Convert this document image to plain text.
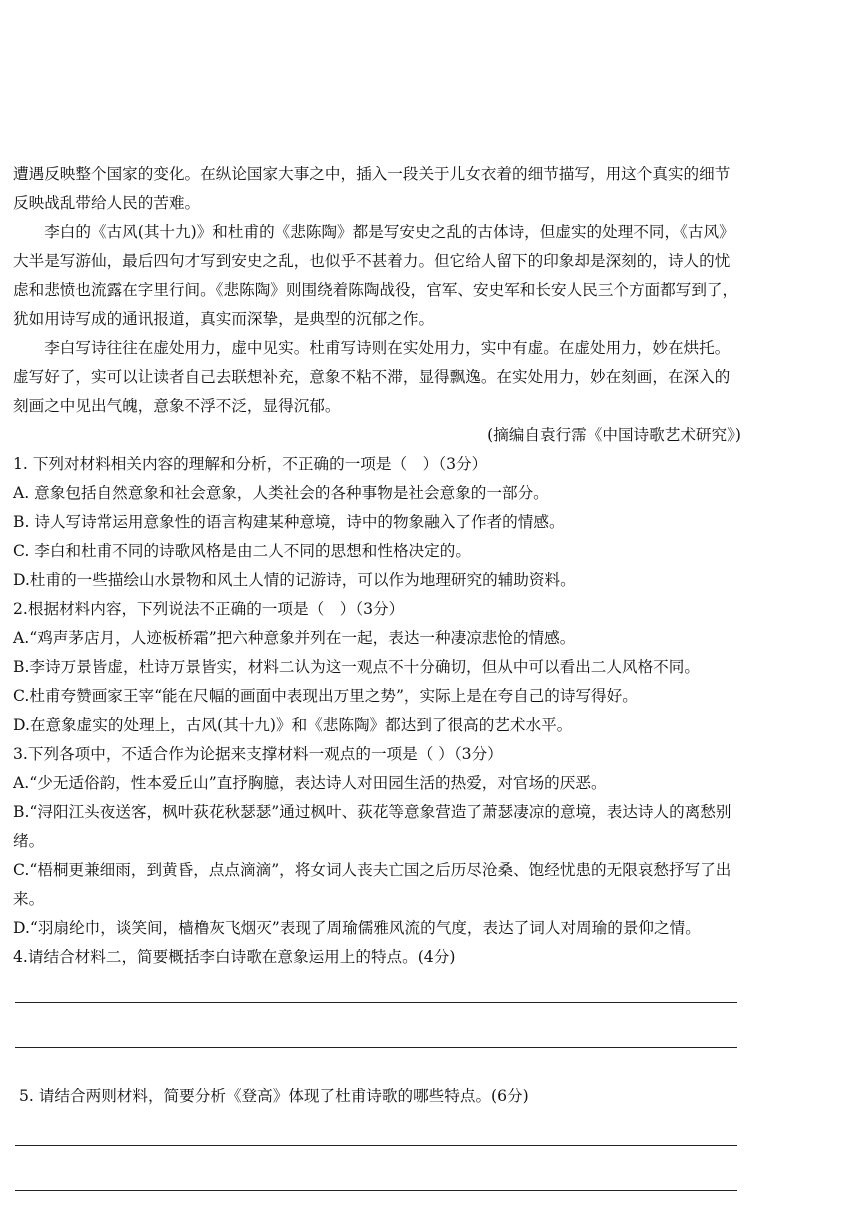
遭遇反映整个国家的变化。在纵论国家大事之中，插入一段关于儿女衣着的细节描写，用这个真实的细节反映战乱带给人民的苦难。

李白的《古风(其十九)》和杜甫的《悲陈陶》都是写安史之乱的古体诗，但虚实的处理不同，《古风》大半是写游仙，最后四句才写到安史之乱，也似乎不甚着力。但它给人留下的印象却是深刻的，诗人的忧虑和悲愤也流露在字里行间。《悲陈陶》则围绕着陈陶战役，官军、安史军和长安人民三个方面都写到了，犹如用诗写成的通讯报道，真实而深挚，是典型的沉郁之作。

李白写诗往往在虚处用力，虚中见实。杜甫写诗则在实处用力，实中有虚。在虚处用力，妙在烘托。虚写好了，实可以让读者自己去联想补充，意象不粘不滞，显得飘逸。在实处用力，妙在刻画，在深入的刻画之中见出气魄，意象不浮不泛，显得沉郁。

(摘编自袁行霈《中国诗歌艺术研究》)

1. 下列对材料相关内容的理解和分析，不正确的一项是（　）（3分）

A. 意象包括自然意象和社会意象，人类社会的各种事物是社会意象的一部分。

B. 诗人写诗常运用意象性的语言构建某种意境，诗中的物象融入了作者的情感。

C. 李白和杜甫不同的诗歌风格是由二人不同的思想和性格决定的。

D.杜甫的一些描绘山水景物和风土人情的记游诗，可以作为地理研究的辅助资料。

2.根据材料内容，下列说法不正确的一项是（　）（3分）

A.“鸡声茅店月，人迹板桥霜”把六种意象并列在一起，表达一种凄凉悲怆的情感。

B.李诗万景皆虚，杜诗万景皆实，材料二认为这一观点不十分确切，但从中可以看出二人风格不同。

C.杜甫夸赞画家王宰“能在尺幅的画面中表现出万里之势”，实际上是在夸自己的诗写得好。

D.在意象虚实的处理上，古风(其十九)》和《悲陈陶》都达到了很高的艺术水平。

3.下列各项中，不适合作为论据来支撑材料一观点的一项是（ ）（3分）

A.“少无适俗韵，性本爱丘山”直抒胸臆，表达诗人对田园生活的热爱，对官场的厌恶。

B.“浔阳江头夜送客，枫叶荻花秋瑟瑟”通过枫叶、荻花等意象营造了萧瑟凄凉的意境，表达诗人的离愁别绪。

C.“梧桐更兼细雨，到黄昏，点点滴滴”，将女词人丧夫亡国之后历尽沧桑、饱经忧患的无限哀愁抒写了出来。

D.“羽扇纶巾，谈笑间，樯橹灰飞烟灭”表现了周瑜儒雅风流的气度，表达了词人对周瑜的景仰之情。

4.请结合材料二，简要概括李白诗歌在意象运用上的特点。(4分)

5. 请结合两则材料，简要分析《登高》体现了杜甫诗歌的哪些特点。(6分)
